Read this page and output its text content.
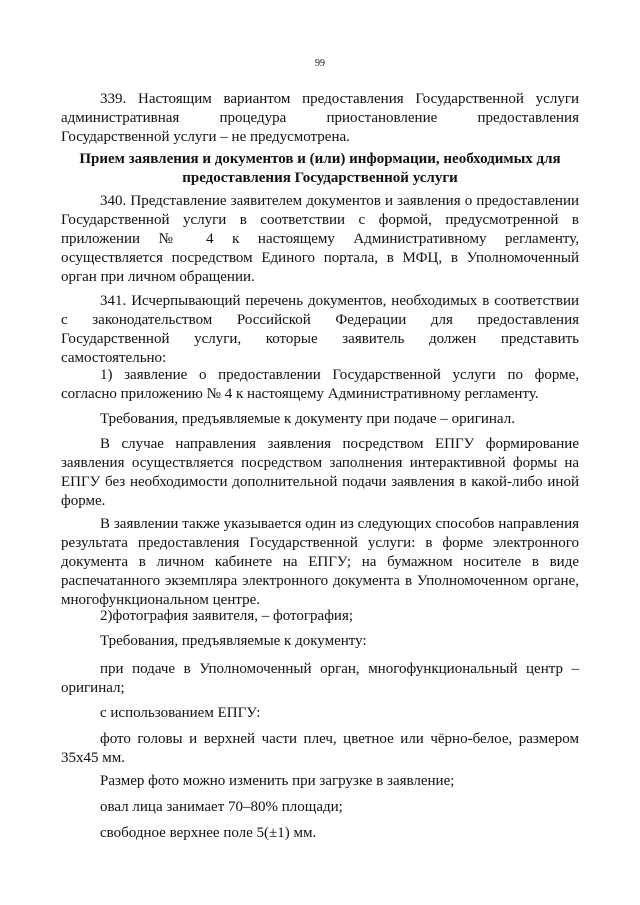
99
339. Настоящим вариантом предоставления Государственной услуги
административная процедура приостановление предоставления
Государственной услуги – не предусмотрена.
Прием заявления и документов и (или) информации, необходимых для
предоставления Государственной услуги

340. Представление заявителем документов и заявления о предоставлении Государственной услуги в соответствии с формой, предусмотренной в приложении № 4 к настоящему Административному регламенту, осуществляется посредством Единого портала, в МФЦ, в Уполномоченный орган при личном обращении.

341. Исчерпывающий перечень документов, необходимых в соответствии с законодательством Российской Федерации для предоставления Государственной услуги, которые заявитель должен представить самостоятельно:

1) заявление о предоставлении Государственной услуги по форме, согласно приложению № 4 к настоящему Административному регламенту.

Требования, предъявляемые к документу при подаче – оригинал.

В случае направления заявления посредством ЕПГУ формирование заявления осуществляется посредством заполнения интерактивной формы на ЕПГУ без необходимости дополнительной подачи заявления в какой-либо иной форме.

В заявлении также указывается один из следующих способов направления результата предоставления Государственной услуги: в форме электронного документа в личном кабинете на ЕПГУ; на бумажном носителе в виде распечатанного экземпляра электронного документа в Уполномоченном органе, многофункциональном центре.

2)фотография заявителя, – фотография;

Требования, предъявляемые к документу:

при подаче в Уполномоченный орган, многофункциональный центр – оригинал;

с использованием ЕПГУ:

фото головы и верхней части плеч, цветное или чёрно-белое, размером 35х45 мм.

Размер фото можно изменить при загрузке в заявление;

овал лица занимает 70–80% площади;

свободное верхнее поле 5(±1) мм.
